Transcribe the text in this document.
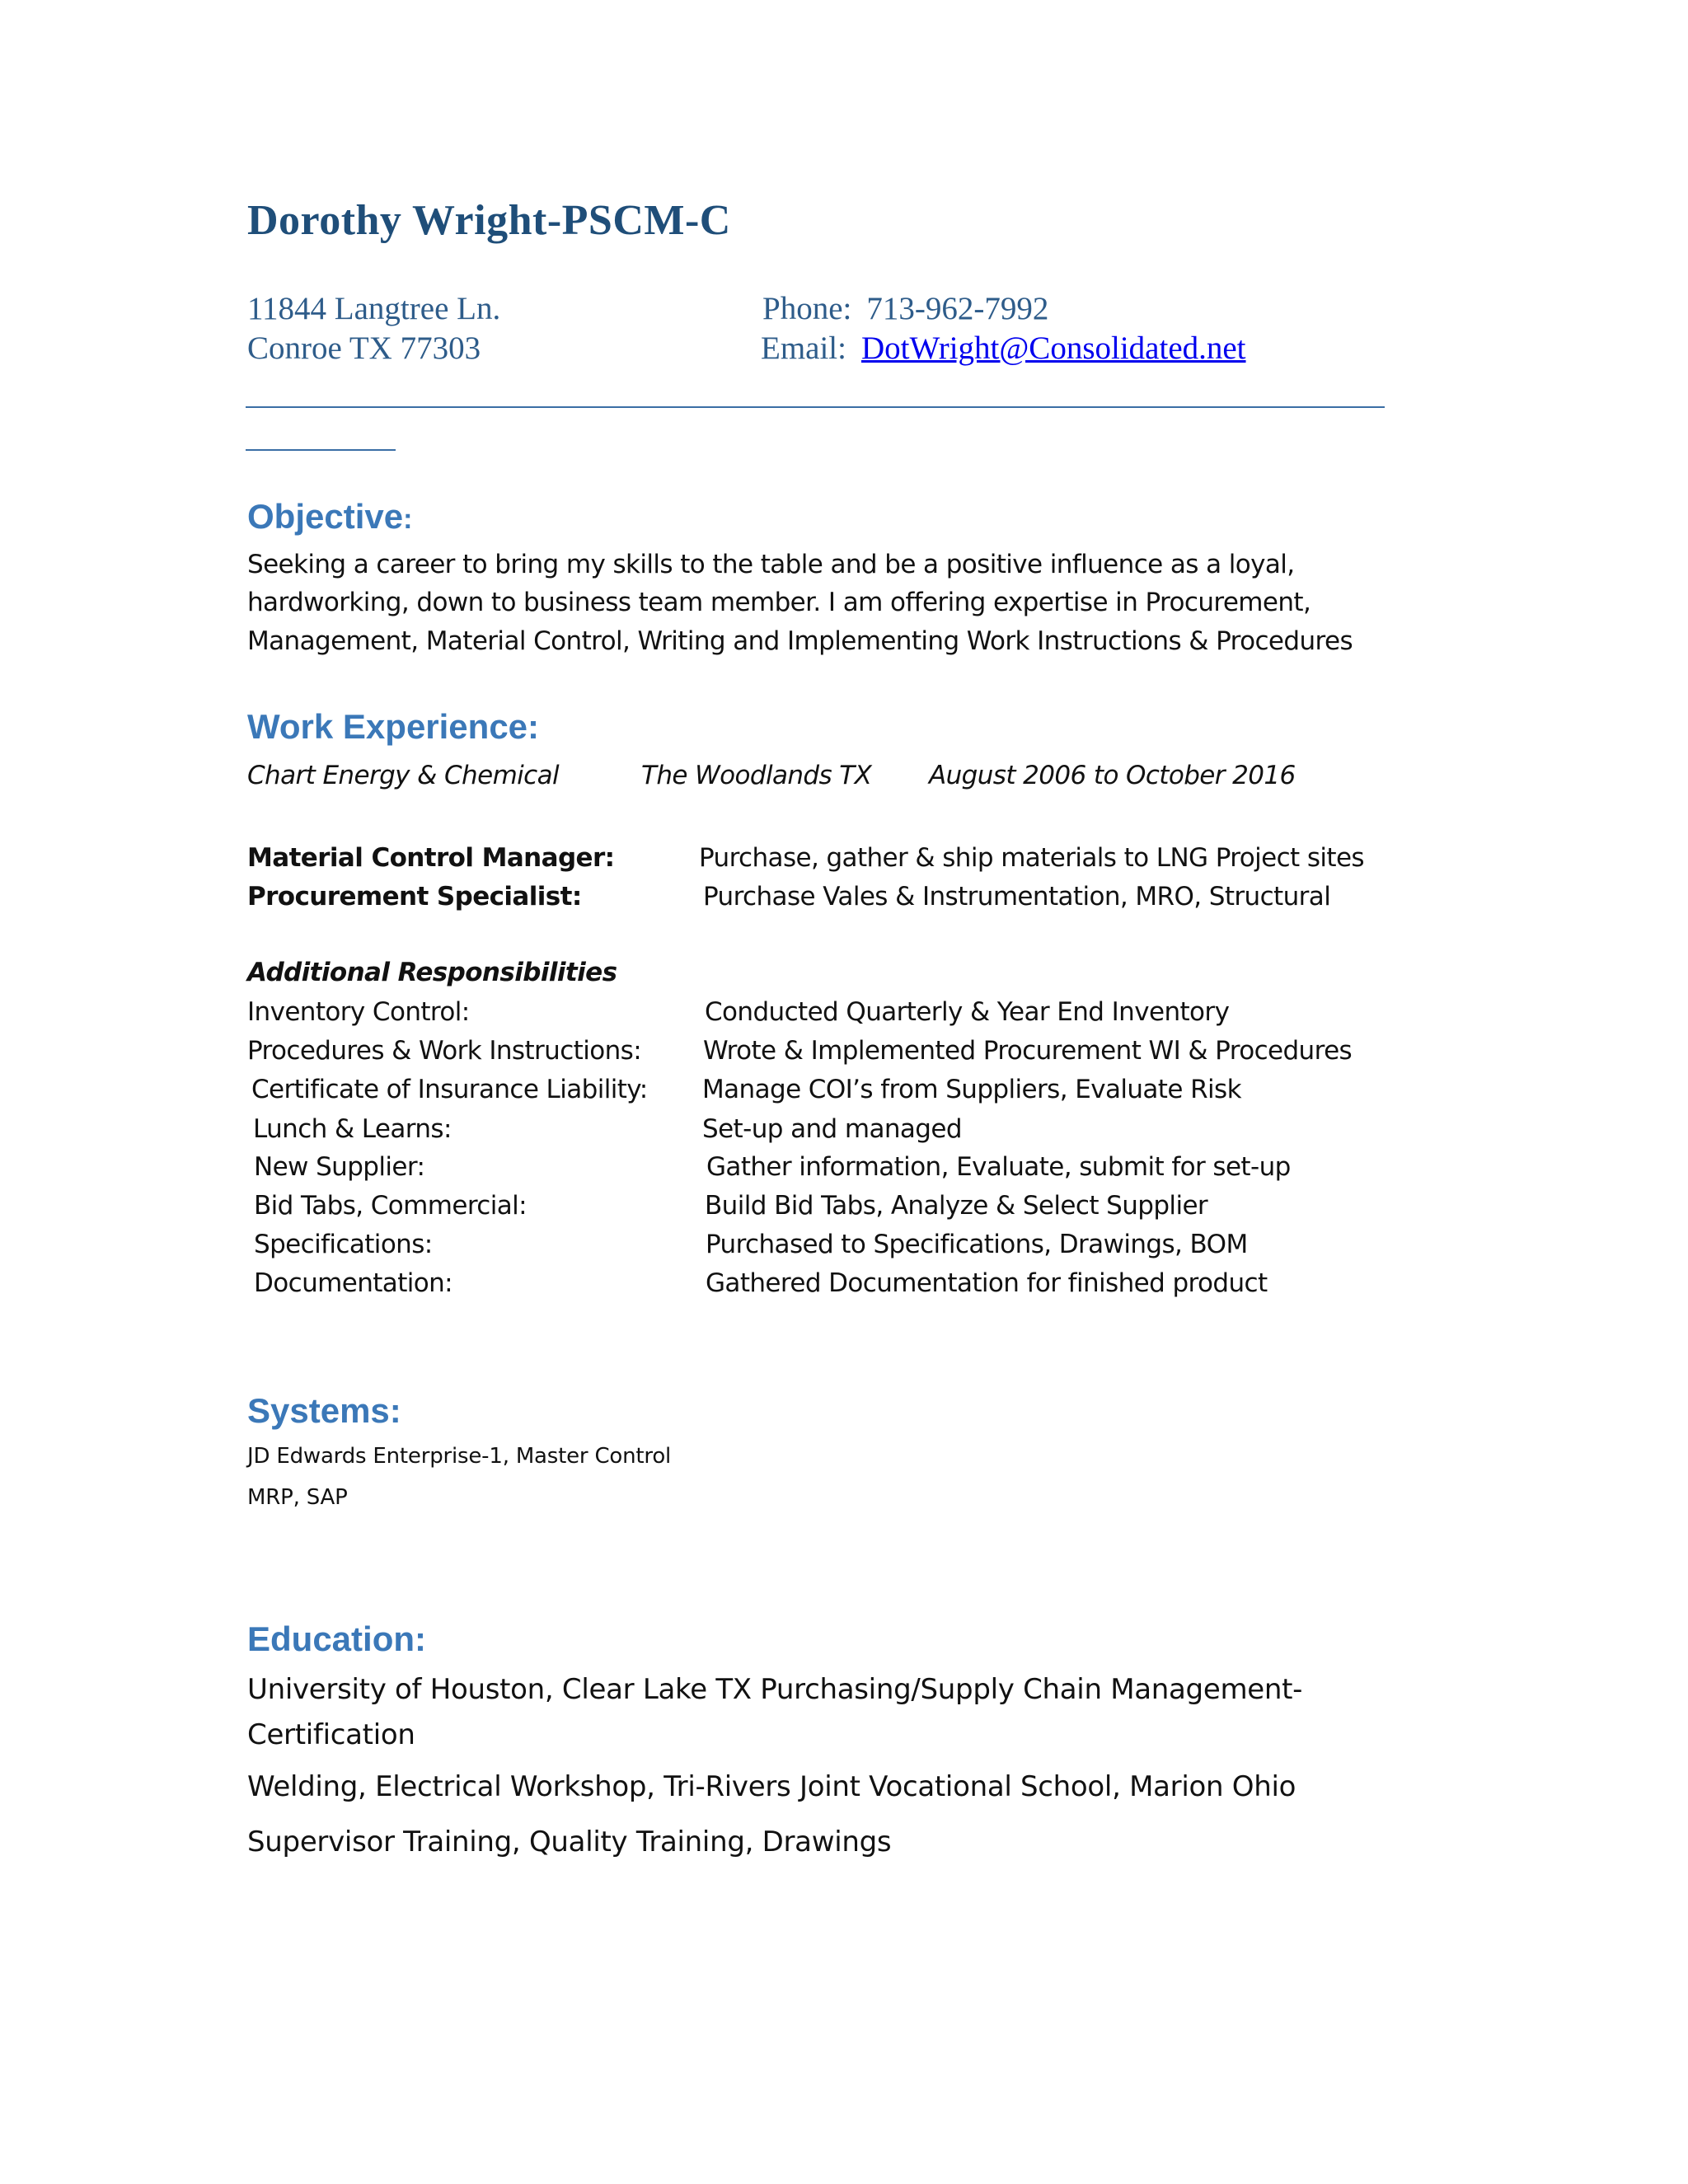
Dorothy Wright-PSCM-C
11844 Langtree Ln.
Conroe TX 77303
Phone: 713-962-7992
Email: DotWright@Consolidated.net
Objective:
Seeking a career to bring my skills to the table and be a positive influence as a loyal,
hardworking, down to business team member. I am offering expertise in Procurement,
Management, Material Control, Writing and Implementing Work Instructions & Procedures
Work Experience:
Chart Energy & Chemical	The Woodlands TX August 2006 to October 2016
Material Control Manager:	Purchase, gather & ship materials to LNG Project sites
Procurement Specialist:	Purchase Vales & Instrumentation, MRO, Structural
Additional Responsibilities
Inventory Control:	Conducted Quarterly & Year End Inventory
Procedures & Work Instructions: Wrote & Implemented Procurement WI & Procedures
Certificate of Insurance Liability: Manage COI’s from Suppliers, Evaluate Risk
Lunch & Learns:	Set-up and managed
New Supplier:	Gather information, Evaluate, submit for set-up
Bid Tabs, Commercial:	Build Bid Tabs, Analyze & Select Supplier
Specifications:	Purchased to Specifications, Drawings, BOM
Documentation:	Gathered Documentation for finished product
Systems:
JD Edwards Enterprise-1, Master Control
MRP, SAP
Education:
University of Houston, Clear Lake TX Purchasing/Supply Chain Management-
Certification
Welding, Electrical Workshop, Tri-Rivers Joint Vocational School, Marion Ohio
Supervisor Training, Quality Training, Drawings
